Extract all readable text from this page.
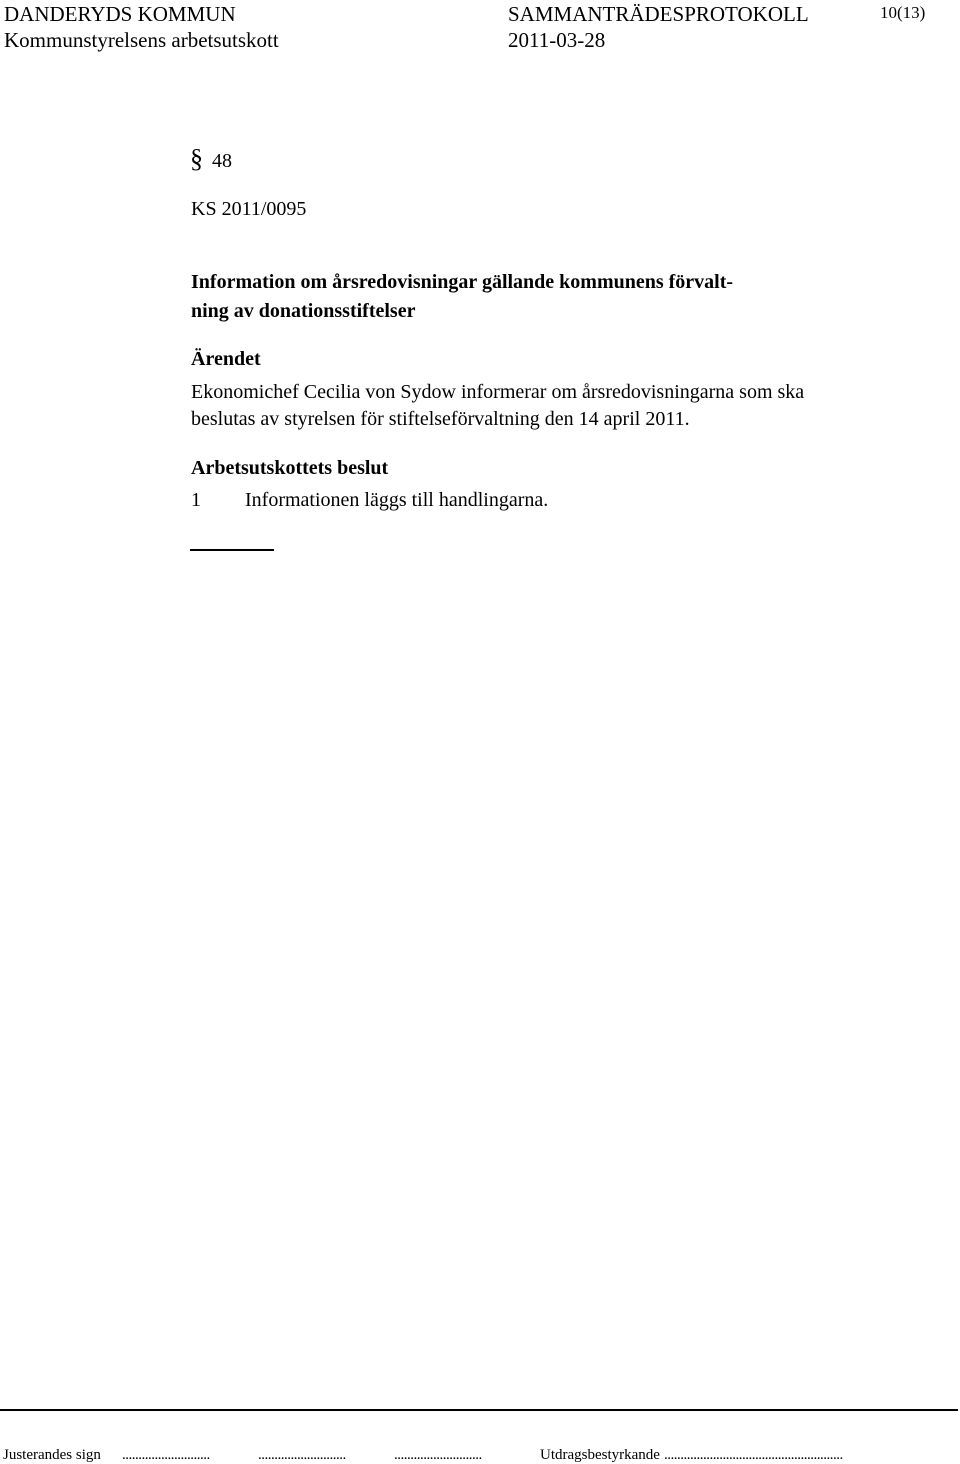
DANDERYDS KOMMUN
Kommunstyrelsens arbetsutskott
SAMMANTRÄDESPROTOKOLL
2011-03-28
10(13)
§ 48
KS 2011/0095
Information om årsredovisningar gällande kommunens förvalt-
ning av donationsstiftelser
Ärendet
Ekonomichef Cecilia von Sydow informerar om årsredovisningarna som ska
beslutas av styrelsen för stiftelseförvaltning den 14 april 2011.
Arbetsutskottets beslut
1 Informationen läggs till handlingarna.
Justerandes sign ...........................	...........................	...........................	Utdragsbestyrkande .......................................................
